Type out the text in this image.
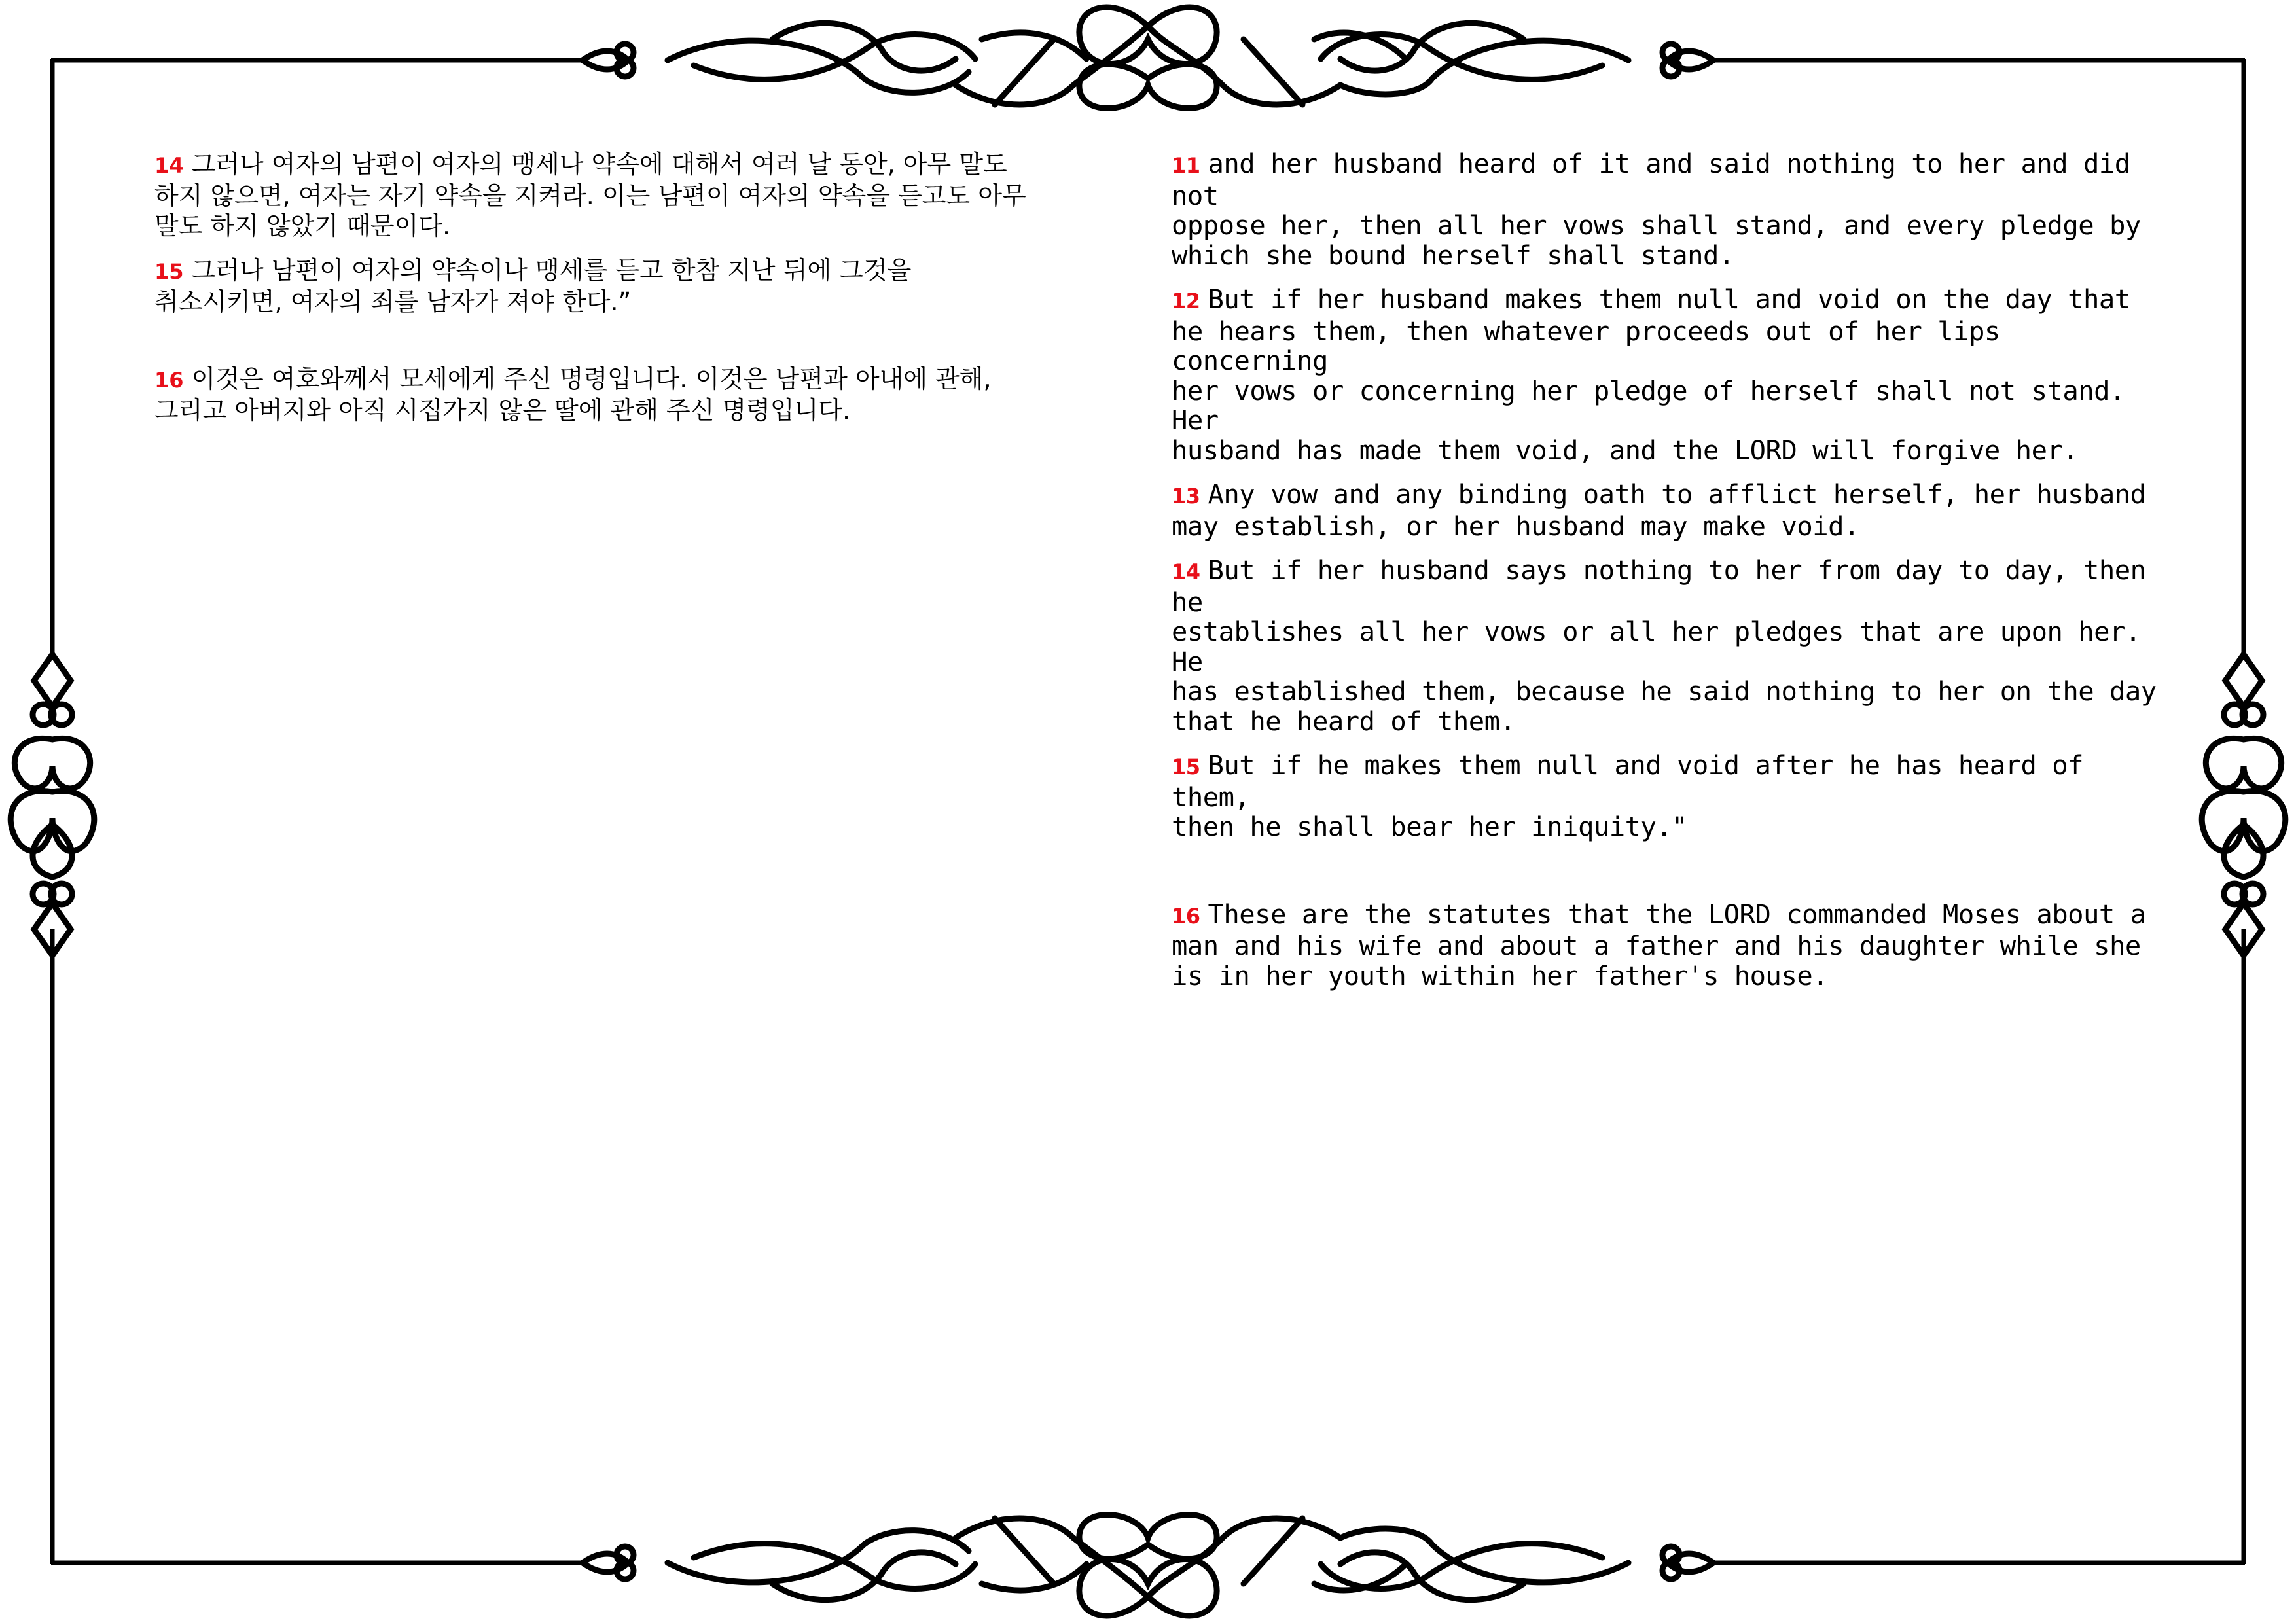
14 그러나 여자의 남편이 여자의 맹세나 약속에 대해서 여러 날 동안, 아무 말도
하지 않으면, 여자는 자기 약속을 지켜라. 이는 남편이 여자의 약속을 듣고도 아무
말도 하지 않았기 때문이다.

15 그러나 남편이 여자의 약속이나 맹세를 듣고 한참 지난 뒤에 그것을
취소시키면, 여자의 죄를 남자가 져야 한다.”

16 이것은 여호와께서 모세에게 주신 명령입니다. 이것은 남편과 아내에 관해,
그리고 아버지와 아직 시집가지 않은 딸에 관해 주신 명령입니다.

11 and her husband heard of it and said nothing to her and did not
oppose her, then all her vows shall stand, and every pledge by
which she bound herself shall stand.

12 But if her husband makes them null and void on the day that
he hears them, then whatever proceeds out of her lips concerning
her vows or concerning her pledge of herself shall not stand. Her
husband has made them void, and the LORD will forgive her.

13 Any vow and any binding oath to afflict herself, her husband
may establish, or her husband may make void.

14 But if her husband says nothing to her from day to day, then he
establishes all her vows or all her pledges that are upon her. He
has established them, because he said nothing to her on the day
that he heard of them.

15 But if he makes them null and void after he has heard of them,
then he shall bear her iniquity."

16 These are the statutes that the LORD commanded Moses about a
man and his wife and about a father and his daughter while she
is in her youth within her father's house.
